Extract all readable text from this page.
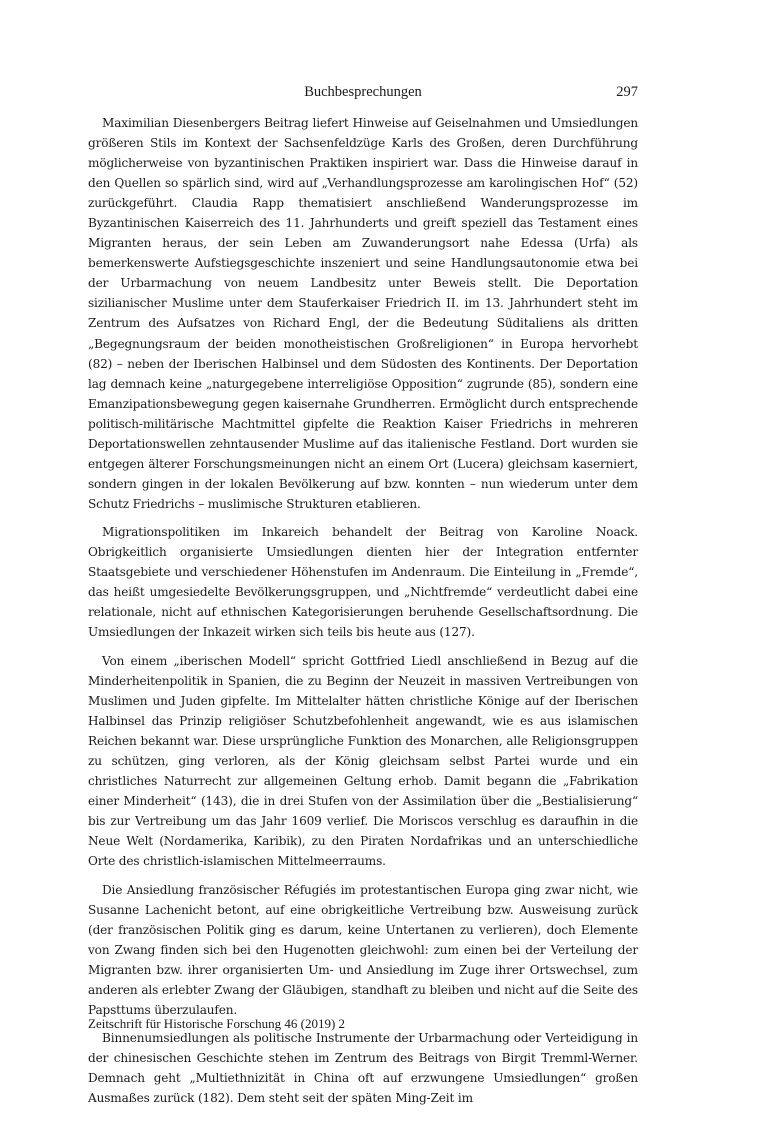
Buchbesprechungen	297

Maximilian Diesenbergers Beitrag liefert Hinweise auf Geiselnahmen und Umsiedlungen größeren Stils im Kontext der Sachsenfeldzüge Karls des Großen, deren Durchführung möglicherweise von byzantinischen Praktiken inspiriert war. Dass die Hinweise darauf in den Quellen so spärlich sind, wird auf „Verhandlungsprozesse am karolingischen Hof“ (52) zurückgeführt. Claudia Rapp thematisiert anschließend Wanderungsprozesse im Byzantinischen Kaiserreich des 11. Jahrhunderts und greift speziell das Testament eines Migranten heraus, der sein Leben am Zuwanderungsort nahe Edessa (Urfa) als bemerkenswerte Aufstiegsgeschichte inszeniert und seine Handlungsautonomie etwa bei der Urbarmachung von neuem Landbesitz unter Beweis stellt. Die Deportation sizilianischer Muslime unter dem Stauferkaiser Friedrich II. im 13. Jahrhundert steht im Zentrum des Aufsatzes von Richard Engl, der die Bedeutung Süditaliens als dritten „Begegnungsraum der beiden monotheistischen Großreligionen“ in Europa hervorhebt (82) – neben der Iberischen Halbinsel und dem Südosten des Kontinents. Der Deportation lag demnach keine „naturgegebene interreligiöse Opposition“ zugrunde (85), sondern eine Emanzipationsbewegung gegen kaisernahe Grundherren. Ermöglicht durch entsprechende politisch-militärische Machtmittel gipfelte die Reaktion Kaiser Friedrichs in mehreren Deportationswellen zehntausender Muslime auf das italienische Festland. Dort wurden sie entgegen älterer Forschungsmeinungen nicht an einem Ort (Lucera) gleichsam kaserniert, sondern gingen in der lokalen Bevölkerung auf bzw. konnten – nun wiederum unter dem Schutz Friedrichs – muslimische Strukturen etablieren.

Migrationspolitiken im Inkareich behandelt der Beitrag von Karoline Noack. Obrigkeitlich organisierte Umsiedlungen dienten hier der Integration entfernter Staatsgebiete und verschiedener Höhenstufen im Andenraum. Die Einteilung in „Fremde“, das heißt umgesiedelte Bevölkerungsgruppen, und „Nichtfremde“ verdeutlicht dabei eine relationale, nicht auf ethnischen Kategorisierungen beruhende Gesellschaftsordnung. Die Umsiedlungen der Inkazeit wirken sich teils bis heute aus (127).

Von einem „iberischen Modell“ spricht Gottfried Liedl anschließend in Bezug auf die Minderheitenpolitik in Spanien, die zu Beginn der Neuzeit in massiven Vertreibungen von Muslimen und Juden gipfelte. Im Mittelalter hätten christliche Könige auf der Iberischen Halbinsel das Prinzip religiöser Schutzbefohlenheit angewandt, wie es aus islamischen Reichen bekannt war. Diese ursprüngliche Funktion des Monarchen, alle Religionsgruppen zu schützen, ging verloren, als der König gleichsam selbst Partei wurde und ein christliches Naturrecht zur allgemeinen Geltung erhob. Damit begann die „Fabrikation einer Minderheit“ (143), die in drei Stufen von der Assimilation über die „Bestialisierung“ bis zur Vertreibung um das Jahr 1609 verlief. Die Moriscos verschlug es daraufhin in die Neue Welt (Nordamerika, Karibik), zu den Piraten Nordafrikas und an unterschiedliche Orte des christlich-islamischen Mittelmeerraums.

Die Ansiedlung französischer Réfugiés im protestantischen Europa ging zwar nicht, wie Susanne Lachenicht betont, auf eine obrigkeitliche Vertreibung bzw. Ausweisung zurück (der französischen Politik ging es darum, keine Untertanen zu verlieren), doch Elemente von Zwang finden sich bei den Hugenotten gleichwohl: zum einen bei der Verteilung der Migranten bzw. ihrer organisierten Um- und Ansiedlung im Zuge ihrer Ortswechsel, zum anderen als erlebter Zwang der Gläubigen, standhaft zu bleiben und nicht auf die Seite des Papsttums überzulaufen.

Binnenumsiedlungen als politische Instrumente der Urbarmachung oder Verteidigung in der chinesischen Geschichte stehen im Zentrum des Beitrags von Birgit Tremml-Werner. Demnach geht „Multiethnizität in China oft auf erzwungene Umsiedlungen“ großen Ausmaßes zurück (182). Dem steht seit der späten Ming-Zeit im

Zeitschrift für Historische Forschung 46 (2019) 2
